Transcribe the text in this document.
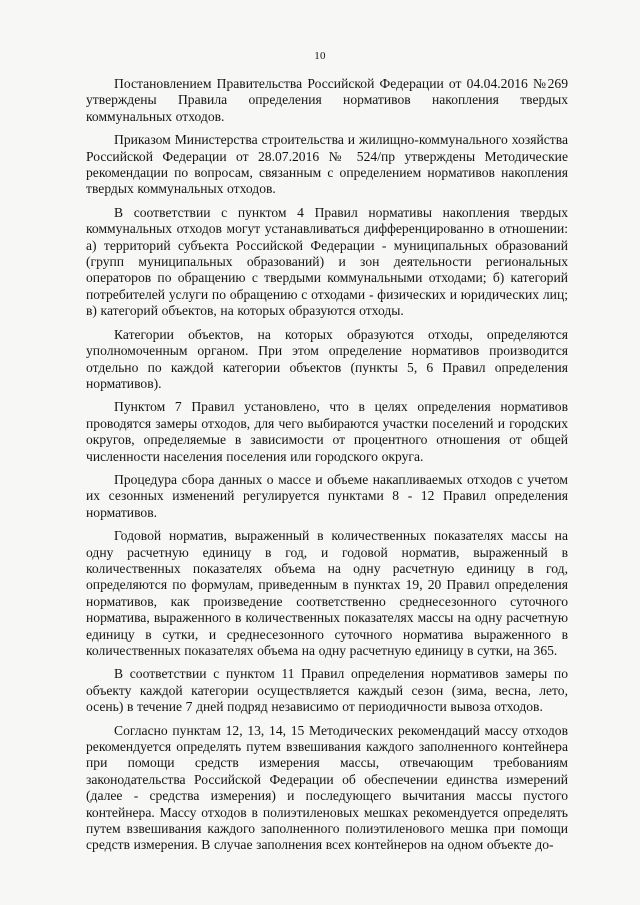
10

Постановлением Правительства Российской Федерации от 04.04.2016 №269 утверждены Правила определения нормативов накопления твердых коммунальных отходов.

Приказом Министерства строительства и жилищно-коммунального хозяйства Российской Федерации от 28.07.2016 № 524/пр утверждены Методические рекомендации по вопросам, связанным с определением нормативов накопления твердых коммунальных отходов.

В соответствии с пунктом 4 Правил нормативы накопления твердых коммунальных отходов могут устанавливаться дифференцированно в отношении: а) территорий субъекта Российской Федерации - муниципальных образований (групп муниципальных образований) и зон деятельности региональных операторов по обращению с твердыми коммунальными отходами; б) категорий потребителей услуги по обращению с отходами - физических и юридических лиц; в) категорий объектов, на которых образуются отходы.

Категории объектов, на которых образуются отходы, определяются уполномоченным органом. При этом определение нормативов производится отдельно по каждой категории объектов (пункты 5, 6 Правил определения нормативов).

Пунктом 7 Правил установлено, что в целях определения нормативов проводятся замеры отходов, для чего выбираются участки поселений и городских округов, определяемые в зависимости от процентного отношения от общей численности населения поселения или городского округа.

Процедура сбора данных о массе и объеме накапливаемых отходов с учетом их сезонных изменений регулируется пунктами 8 - 12 Правил определения нормативов.

Годовой норматив, выраженный в количественных показателях массы на одну расчетную единицу в год, и годовой норматив, выраженный в количественных показателях объема на одну расчетную единицу в год, определяются по формулам, приведенным в пунктах 19, 20 Правил определения нормативов, как произведение соответственно среднесезонного суточного норматива, выраженного в количественных показателях массы на одну расчетную единицу в сутки, и среднесезонного суточного норматива выраженного в количественных показателях объема на одну расчетную единицу в сутки, на 365.

В соответствии с пунктом 11 Правил определения нормативов замеры по объекту каждой категории осуществляется каждый сезон (зима, весна, лето, осень) в течение 7 дней подряд независимо от периодичности вывоза отходов.

Согласно пунктам 12, 13, 14, 15 Методических рекомендаций массу отходов рекомендуется определять путем взвешивания каждого заполненного контейнера при помощи средств измерения массы, отвечающим требованиям законодательства Российской Федерации об обеспечении единства измерений (далее - средства измерения) и последующего вычитания массы пустого контейнера. Массу отходов в полиэтиленовых мешках рекомендуется определять путем взвешивания каждого заполненного полиэтиленового мешка при помощи средств измерения. В случае заполнения всех контейнеров на одном объекте до-
